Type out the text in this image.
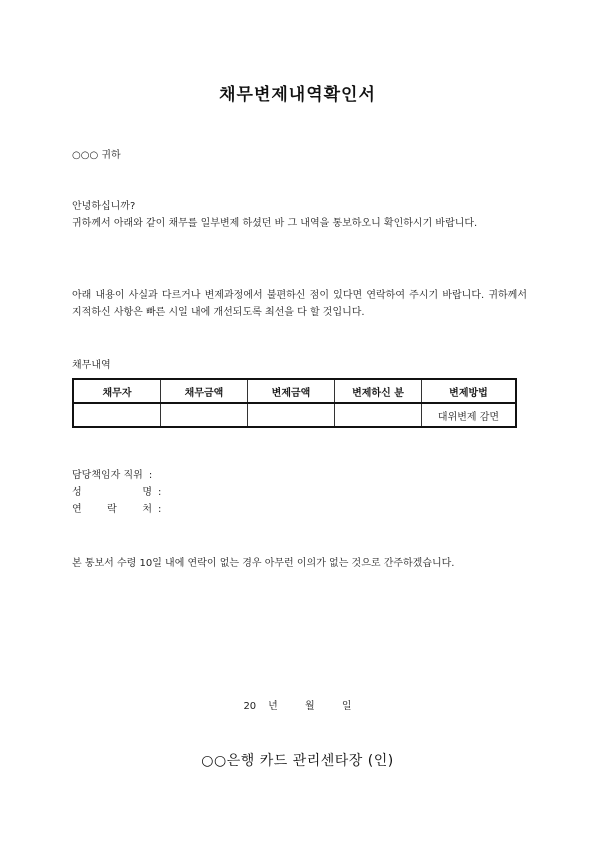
채무변제내역확인서
○○○ 귀하
안녕하십니까?
귀하께서 아래와 같이 채무를 일부변제 하셨던 바 그 내역을 통보하오니 확인하시기 바랍니다.
아래 내용이 사실과 다르거나 변제과정에서 불편하신 점이 있다면 연락하여 주시기 바랍니다. 귀하께서 지적하신 사항은 빠른 시일 내에 개선되도록 최선을 다 할 것입니다.
채무내역
채무자	채무금액	변제금액	변제하신 분	변제방법
				대위변제 감면
담당책임자 직위 :
성	명 :
연	락	처 :
본 통보서 수령 10일 내에 연락이 없는 경우 아무런 이의가 없는 것으로 간주하겠습니다.
20 년	월	일
○○은행 카드 관리센타장 (인)
